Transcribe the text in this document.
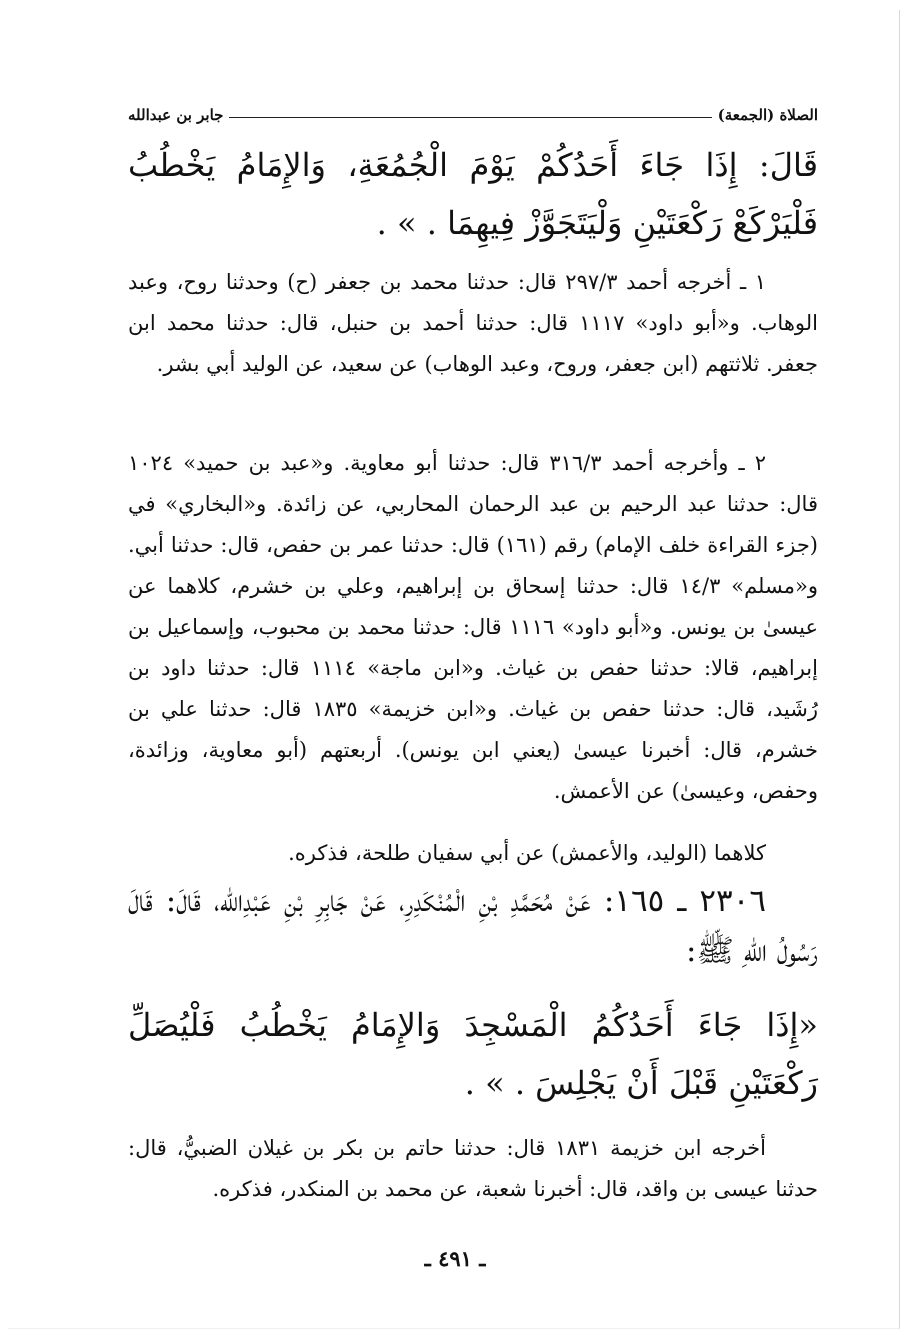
الصلاة (الجمعة)
جابر بن عبدالله
قَالَ: إِذَا جَاءَ أَحَدُكُمْ يَوْمَ الْجُمُعَةِ، وَالإِمَامُ يَخْطُبُ فَلْيَرْكَعْ رَكْعَتَيْنِ وَلْيَتَجَوَّزْ فِيهِمَا . » .
١ ـ أخرجه أحمد ٢٩٧/٣ قال: حدثنا محمد بن جعفر (ح) وحدثنا روح، وعبد الوهاب. و«أبو داود» ١١١٧ قال: حدثنا أحمد بن حنبل، قال: حدثنا محمد ابن جعفر. ثلاثتهم (ابن جعفر، وروح، وعبد الوهاب) عن سعيد، عن الوليد أبي بشر.
٢ ـ وأخرجه أحمد ٣١٦/٣ قال: حدثنا أبو معاوية. و«عبد بن حميد» ١٠٢٤ قال: حدثنا عبد الرحيم بن عبد الرحمان المحاربي، عن زائدة. و«البخاري» في (جزء القراءة خلف الإمام) رقم (١٦١) قال: حدثنا عمر بن حفص، قال: حدثنا أبي. و«مسلم» ١٤/٣ قال: حدثنا إسحاق بن إبراهيم، وعلي بن خشرم، كلاهما عن عيسىٰ بن يونس. و«أبو داود» ١١١٦ قال: حدثنا محمد بن محبوب، وإسماعيل بن إبراهيم، قالا: حدثنا حفص بن غياث. و«ابن ماجة» ١١١٤ قال: حدثنا داود بن رُشَيد، قال: حدثنا حفص بن غياث. و«ابن خزيمة» ١٨٣٥ قال: حدثنا علي بن خشرم، قال: أخبرنا عيسىٰ (يعني ابن يونس). أربعتهم (أبو معاوية، وزائدة، وحفص، وعيسىٰ) عن الأعمش.
كلاهما (الوليد، والأعمش) عن أبي سفيان طلحة، فذكره.
٢٣٠٦ ـ ١٦٥: عَنْ مُحَمَّدِ بْنِ الْمُنْكَدِرِ، عَنْ جَابِرِ بْنِ عَبْدِالله، قَالَ: قَالَ رَسُولُ اللهِ ﷺ:
«إِذَا جَاءَ أَحَدُكُمُ الْمَسْجِدَ وَالإِمَامُ يَخْطُبُ فَلْيُصَلِّ رَكْعَتَيْنِ قَبْلَ أَنْ يَجْلِسَ . » .
أخرجه ابن خزيمة ١٨٣١ قال: حدثنا حاتم بن بكر بن غيلان الضبيُّ، قال: حدثنا عيسى بن واقد، قال: أخبرنا شعبة، عن محمد بن المنكدر، فذكره.
ـ ٤٩١ ـ
